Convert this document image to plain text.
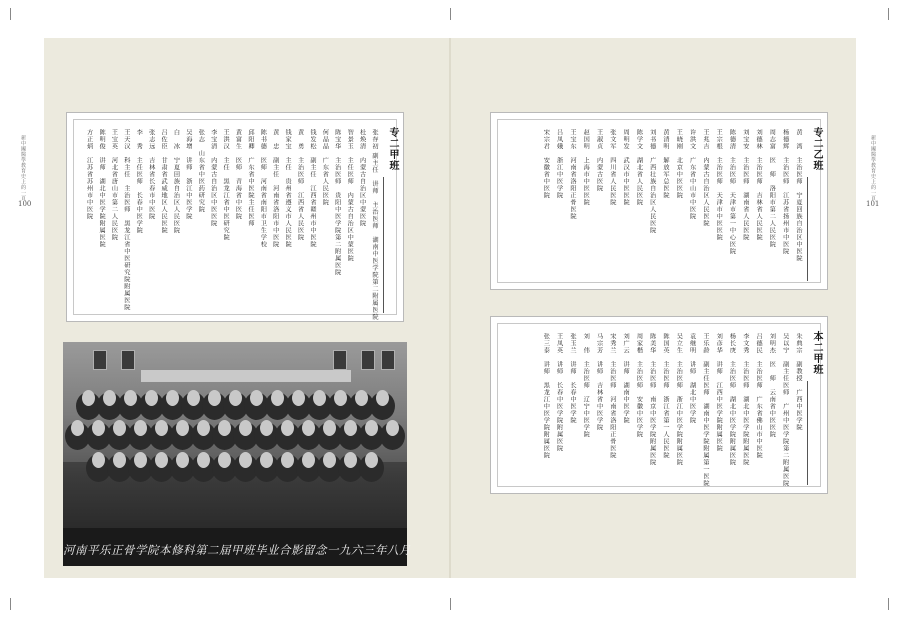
新中國醫學教育史上的一頁
100
新中國醫學教育史上的一頁
101
专二甲班
张存初 副主任　讲师　主治医师　湖南中医学院第二附属医院
杜焕清　内蒙古自治区中蒙医院
智景玉　主任医师　内蒙古自治区中蒙医院
陈宝华　主治医师　贵阳中医学院第二附属医院
何晶晶　广东省人民医院
钱发松　副主任　江西省赣州市中医院
黄　勇　主治医师　江西省人民医院
钱家宝　主任　贵州省遵义市人民医院
黄　忠　副主任　河南省洛阳市中医院
陈书德　医师　河南省南阳市卫生学校
邱阳卿　广东省中医院主任医师
黄富生　医师　青海省中医院
王洪汉　主任　黑龙江省中医研究院
李宝清　内蒙古自治区中医医院
张志　山东省中医药研究院
吴海增　讲师　浙江中医学院
白　冰　宁夏回族自治区人民医院
吕佐臣　甘肃省武威地区人民医院
张志远　吉林省长春市中医院
李　秀　主任医师　长春中医学院
王天汉　科主任　主治医师　黑龙江省中医研究院附属医院
王宝英　河北省唐山市第二人民医院
陈明俊　讲师　湖北中医学院附属医院
方正炳　江苏省苏州市中医院
河南平乐正骨学院本修科第二届甲班毕业合影留念一九六三年八月
专二乙班
黄　湾　主治医师　宁夏回族自治区中医院
杨德辉　主治医师　江苏省扬州市中医院
周志富　医　师　洛阳市第二人民医院
刘德林　主治医师　吉林省人民医院
刘宝安　主治医师　湖南省人民医院
陈德清　主治医师　天津市第一中心医院
王宗根　主治医师　天津市中医医院
王兆吉　内蒙古自治区人民医院
许洪文　广东省中山市中医院
王晓刚　北京中医医院
黄清明　解放军总医院
刘书德　广西壮族自治区人民医院
陈学文　湖北省人民医院
周明发　武汉市中医医院
张文军　四川省人民医院
王淑贞　内蒙古医院
赵国明　上海市中医医院
王宝东　河南省洛阳正骨医院
吕凤娥　浙江中医学院
宋宗君　安徽省中医院
本二甲班
朱典宗　副教授　广西中医学院
吴以宁　副主任医师　广州中医学院第二附属医院
刘明杰　医　师　云南省中医医院
吕德民　主治医师　广东省佛山市中医院
李文秀　主治医师　湖北中医学院附属医院
杨长庚　主治医师　湖北中医学院附属医院
刘彦华　讲师　江西中医学院附属医院
王乐龄　副主任医师　湖南中医学院附属第一医院
袁继明　讲师　湖北中医学院
吴立生　主治医师　浙江中医学院附属医院
陈国英　主治医师　浙江省第一人民医院
陈美华　主治医师　南京中医学院附属医院
周家楷　主治医师　安徽中医学院
刘广云　讲师　湖南中医学院
宋秀兰　主治医师　河南省洛阳正骨医院
马宗芳　讲师　吉林省中医学院
刘　伟　主治医师　辽宁中医学院
张玉兰　讲师　长春中医学院
王凤英　讲师　长春中医学院附属医院
张三泰　讲师　黑龙江中医学院附属医院
